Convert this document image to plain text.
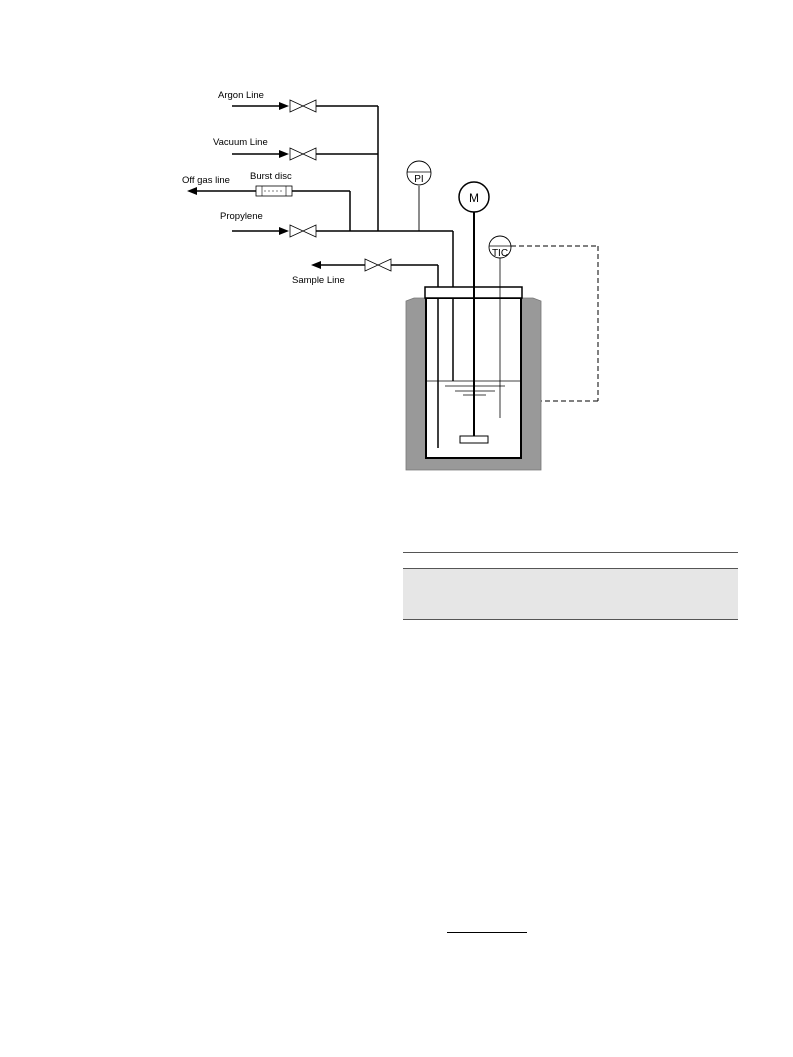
Argon Line
Vacuum Line
Off gas line Burst disc
Propylene
PI
Sample Line
M
TIC
